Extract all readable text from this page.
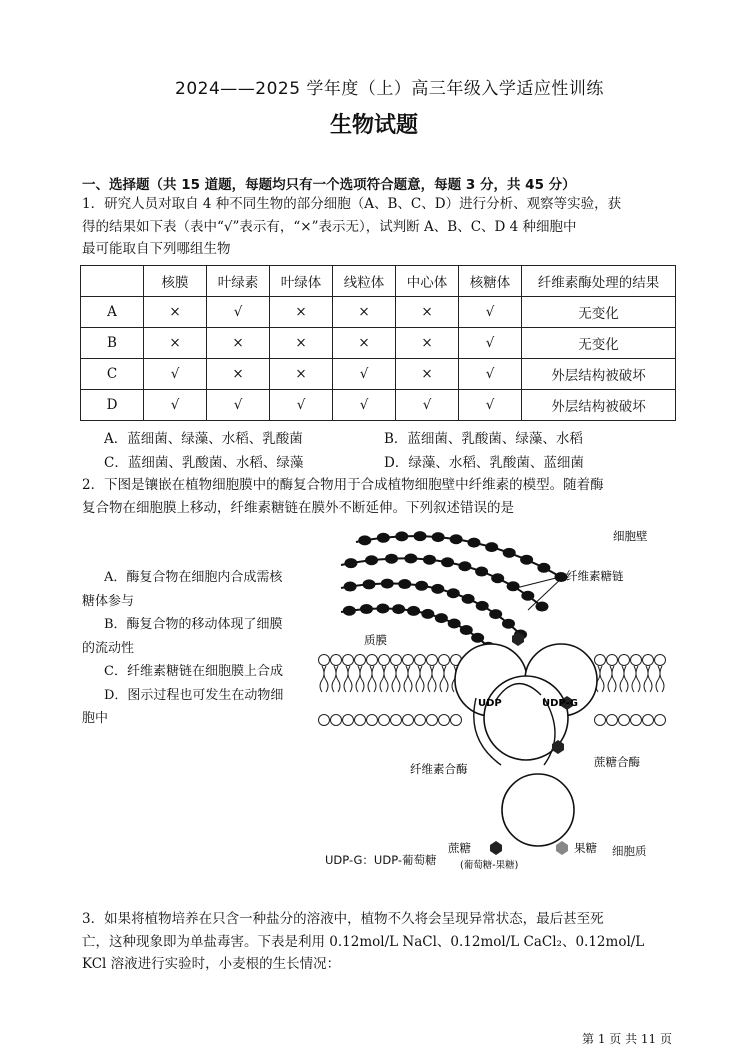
2024——2025 学年度（上）高三年级入学适应性训练
生物试题
一、选择题（共 15 道题，每题均只有一个选项符合题意，每题 3 分，共 45 分）
1．研究人员对取自 4 种不同生物的部分细胞（A、B、C、D）进行分析、观察等实验，获
得的结果如下表（表中“√”表示有，“×”表示无），试判断 A、B、C、D 4 种细胞中
最可能取自下列哪组生物
	核膜	叶绿素	叶绿体	线粒体	中心体	核糖体	纤维素酶处理的结果
A	×	√	×	×	×	√	无变化
B	×	×	×	×	×	√	无变化
C	√	×	×	√	×	√	外层结构被破坏
D	√	√	√	√	√	√	外层结构被破坏
A．蓝细菌、绿藻、水稻、乳酸菌	B．蓝细菌、乳酸菌、绿藻、水稻
C．蓝细菌、乳酸菌、水稻、绿藻	D．绿藻、水稻、乳酸菌、蓝细菌
2．下图是镶嵌在植物细胞膜中的酶复合物用于合成植物细胞壁中纤维素的模型。随着酶
复合物在细胞膜上移动，纤维素糖链在膜外不断延伸。下列叙述错误的是
A．酶复合物在细胞内合成需核
糖体参与
B．酶复合物的移动体现了细膜
的流动性
C．纤维素糖链在细胞膜上合成
D．图示过程也可发生在动物细
胞中
细胞壁
纤维素糖链
质膜
UDP	UDP-G
纤维素合酶	蔗糖合酶
蔗糖
(葡萄糖-果糖)
果糖
UDP-G：UDP-葡萄糖
细胞质
3．如果将植物培养在只含一种盐分的溶液中，植物不久将会呈现异常状态，最后甚至死
亡，这种现象即为单盐毒害。下表是利用 0.12mol/L NaCl、0.12mol/L CaCl₂、0.12mol/L
KCl 溶液进行实验时，小麦根的生长情况：
第 1 页 共 11 页
